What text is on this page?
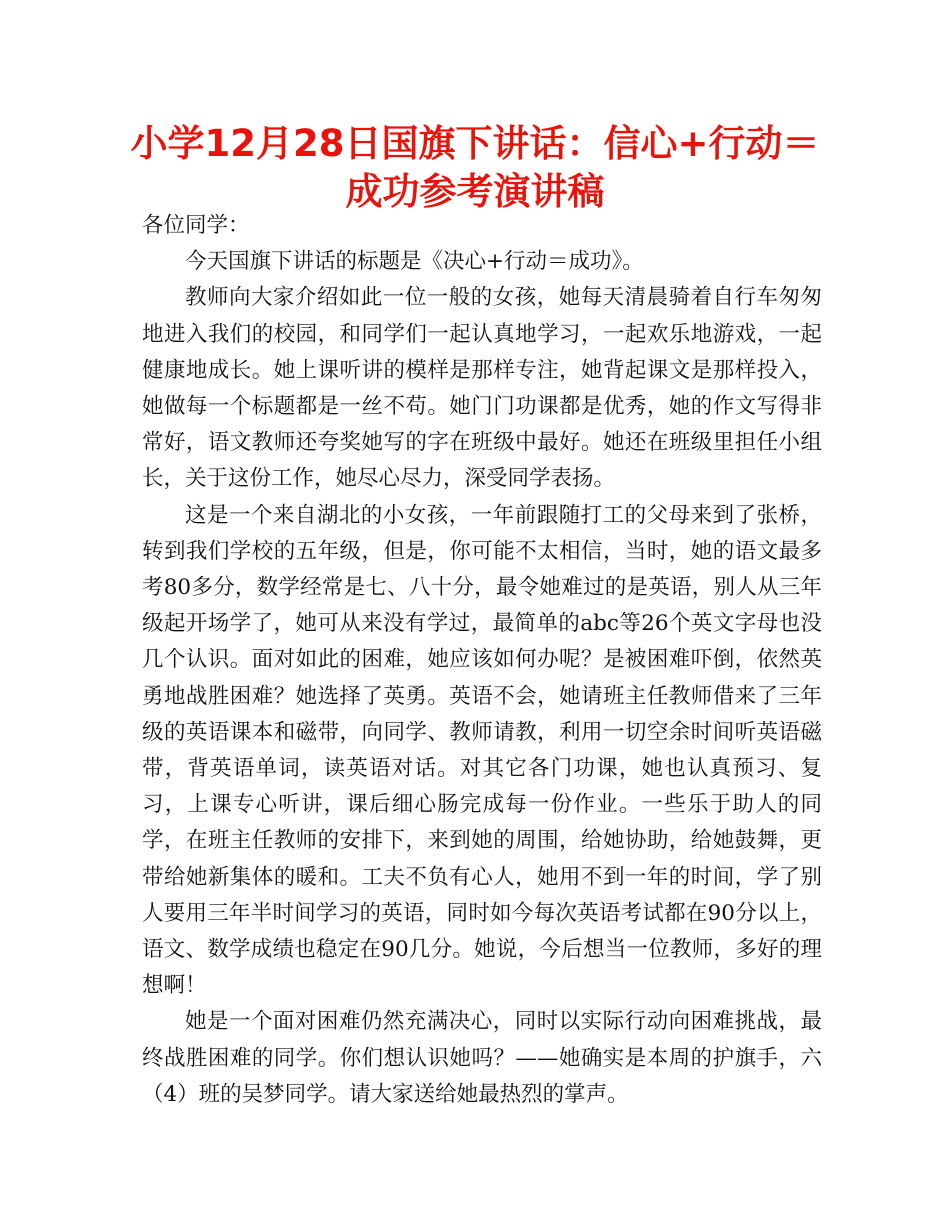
小学12月28日国旗下讲话：信心+行动＝成功参考演讲稿

各位同学：

今天国旗下讲话的标题是《决心+行动＝成功》。

教师向大家介绍如此一位一般的女孩，她每天清晨骑着自行车匆匆地进入我们的校园，和同学们一起认真地学习，一起欢乐地游戏，一起健康地成长。她上课听讲的模样是那样专注，她背起课文是那样投入，她做每一个标题都是一丝不苟。她门门功课都是优秀，她的作文写得非常好，语文教师还夸奖她写的字在班级中最好。她还在班级里担任小组长，关于这份工作，她尽心尽力，深受同学表扬。

这是一个来自湖北的小女孩，一年前跟随打工的父母来到了张桥，转到我们学校的五年级，但是，你可能不太相信，当时，她的语文最多考80多分，数学经常是七、八十分，最令她难过的是英语，别人从三年级起开场学了，她可从来没有学过，最简单的abc等26个英文字母也没几个认识。面对如此的困难，她应该如何办呢？是被困难吓倒，依然英勇地战胜困难？她选择了英勇。英语不会，她请班主任教师借来了三年级的英语课本和磁带，向同学、教师请教，利用一切空余时间听英语磁带，背英语单词，读英语对话。对其它各门功课，她也认真预习、复习，上课专心听讲，课后细心肠完成每一份作业。一些乐于助人的同学，在班主任教师的安排下，来到她的周围，给她协助，给她鼓舞，更带给她新集体的暖和。工夫不负有心人，她用不到一年的时间，学了别人要用三年半时间学习的英语，同时如今每次英语考试都在90分以上，语文、数学成绩也稳定在90几分。她说，今后想当一位教师，多好的理想啊！

她是一个面对困难仍然充满决心，同时以实际行动向困难挑战，最终战胜困难的同学。你们想认识她吗？——她确实是本周的护旗手，六（4）班的吴梦同学。请大家送给她最热烈的掌声。
